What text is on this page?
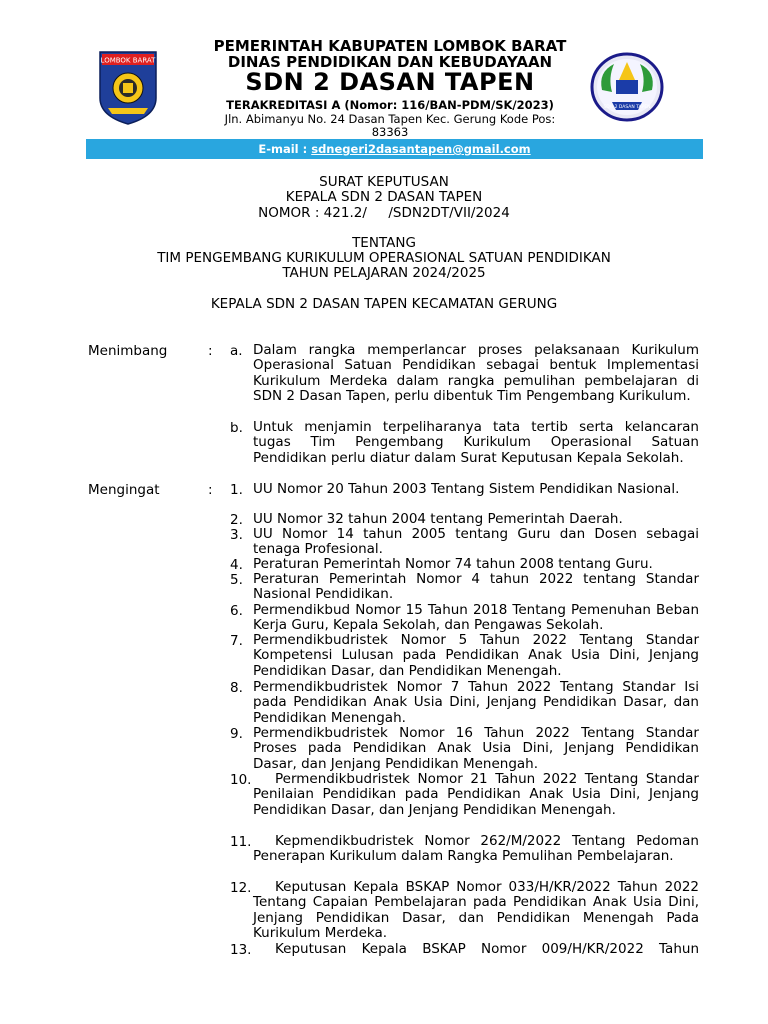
LOMBOK BARAT
SDN 2 DASAN TAPEN
PEMERINTAH KABUPATEN LOMBOK BARAT
DINAS PENDIDIKAN DAN KEBUDAYAAN
SDN 2 DASAN TAPEN
TERAKREDITASI A (Nomor: 116/BAN-PDM/SK/2023)
Jln. Abimanyu No. 24 Dasan Tapen Kec. Gerung Kode Pos:
83363
E-mail : sdnegeri2dasantapen@gmail.com
SURAT KEPUTUSAN
KEPALA SDN 2 DASAN TAPEN
NOMOR : 421.2/     /SDN2DT/VII/2024
TENTANG
TIM PENGEMBANG KURIKULUM OPERASIONAL SATUAN PENDIDIKAN
TAHUN PELAJARAN 2024/2025
KEPALA SDN 2 DASAN TAPEN KECAMATAN GERUNG
Menimbang	: a. Dalam rangka memperlancar proses pelaksanaan Kurikulum Operasional Satuan Pendidikan sebagai bentuk Implementasi Kurikulum Merdeka dalam rangka pemulihan pembelajaran di SDN 2 Dasan Tapen, perlu dibentuk Tim Pengembang Kurikulum.
b. Untuk menjamin terpeliharanya tata tertib serta kelancaran tugas Tim Pengembang Kurikulum Operasional Satuan Pendidikan perlu diatur dalam Surat Keputusan Kepala Sekolah.
Mengingat	: 1. UU Nomor 20 Tahun 2003 Tentang Sistem Pendidikan Nasional.
2. UU Nomor 32 tahun 2004 tentang Pemerintah Daerah.
3. UU Nomor 14 tahun 2005 tentang Guru dan Dosen sebagai tenaga Profesional.
4. Peraturan Pemerintah Nomor 74 tahun 2008 tentang Guru.
5. Peraturan Pemerintah Nomor 4 tahun 2022 tentang Standar Nasional Pendidikan.
6. Permendikbud Nomor 15 Tahun 2018 Tentang Pemenuhan Beban Kerja Guru, Kepala Sekolah, dan Pengawas Sekolah.
7. Permendikbudristek Nomor 5 Tahun 2022 Tentang Standar Kompetensi Lulusan pada Pendidikan Anak Usia Dini, Jenjang Pendidikan Dasar, dan Pendidikan Menengah.
8. Permendikbudristek Nomor 7 Tahun 2022 Tentang Standar Isi pada Pendidikan Anak Usia Dini, Jenjang Pendidikan Dasar, dan Pendidikan Menengah.
9. Permendikbudristek Nomor 16 Tahun 2022 Tentang Standar Proses pada Pendidikan Anak Usia Dini, Jenjang Pendidikan Dasar, dan Jenjang Pendidikan Menengah.
10.	Permendikbudristek Nomor 21 Tahun 2022 Tentang Standar Penilaian Pendidikan pada Pendidikan Anak Usia Dini, Jenjang Pendidikan Dasar, dan Jenjang Pendidikan Menengah.
11.	Kepmendikbudristek Nomor 262/M/2022 Tentang Pedoman Penerapan Kurikulum dalam Rangka Pemulihan Pembelajaran.
12.	Keputusan Kepala BSKAP Nomor 033/H/KR/2022 Tahun 2022 Tentang Capaian Pembelajaran pada Pendidikan Anak Usia Dini, Jenjang Pendidikan Dasar, dan Pendidikan Menengah Pada Kurikulum Merdeka.
13.	Keputusan Kepala BSKAP Nomor 009/H/KR/2022 Tahun
